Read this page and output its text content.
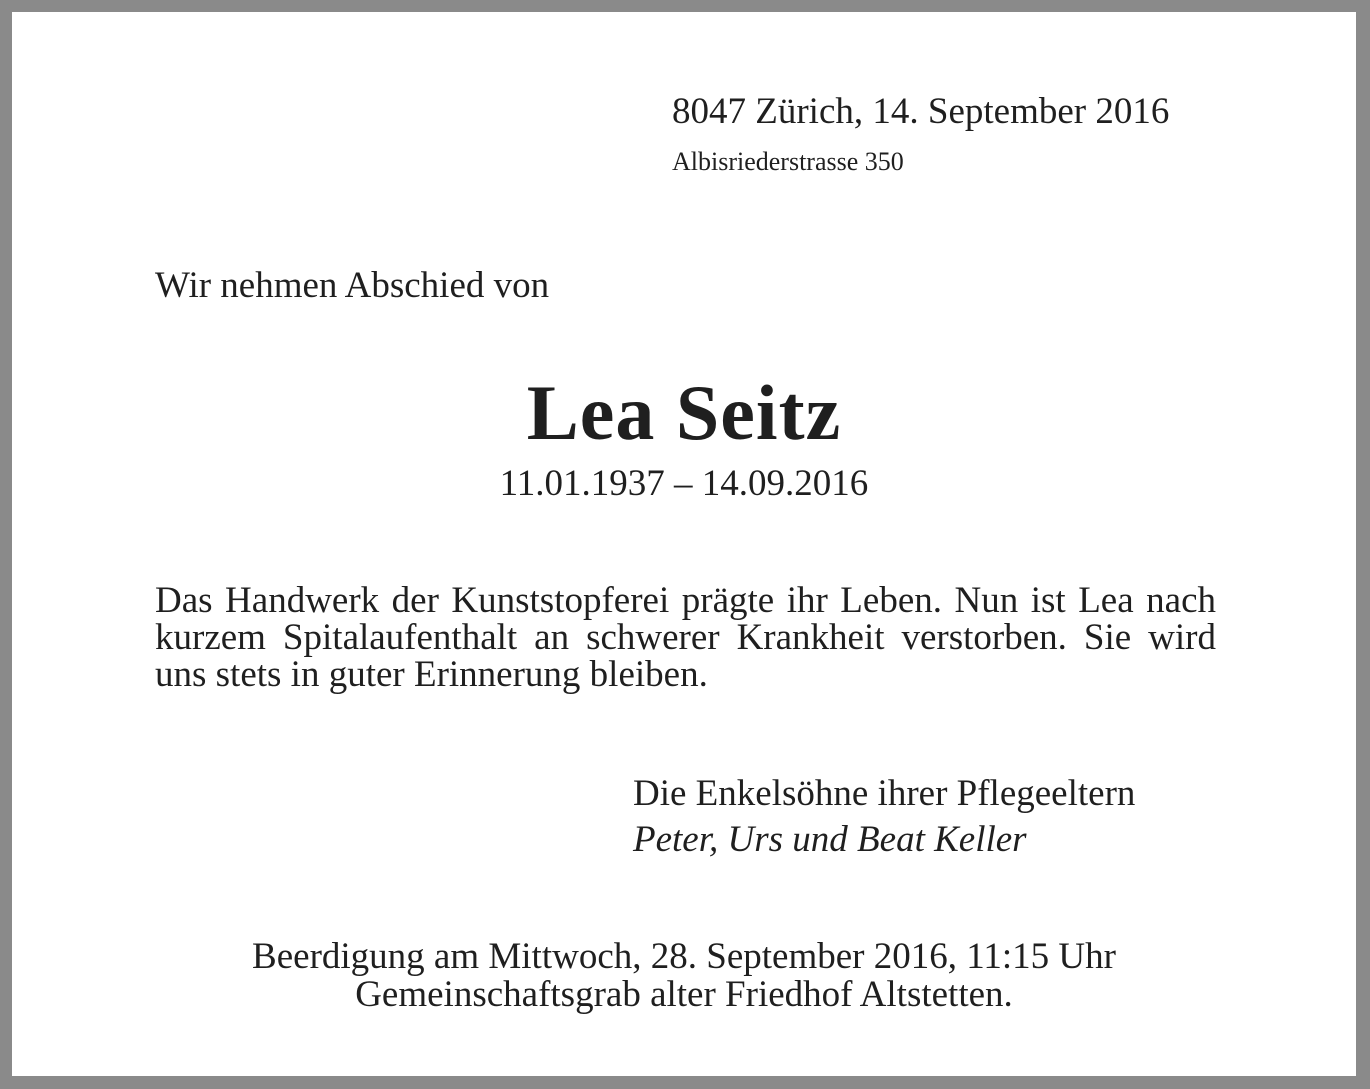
8047 Zürich, 14. September 2016
Albisriederstrasse 350
Wir nehmen Abschied von
Lea Seitz
11.01.1937 – 14.09.2016
Das Handwerk der Kunststopferei prägte ihr Leben. Nun ist Lea nach kurzem Spitalaufenthalt an schwerer Krankheit verstorben. Sie wird uns stets in guter Erinnerung bleiben.
Die Enkelsöhne ihrer Pflegeeltern
Peter, Urs und Beat Keller
Beerdigung am Mittwoch, 28. September 2016, 11:15 Uhr
Gemeinschaftsgrab alter Friedhof Altstetten.
